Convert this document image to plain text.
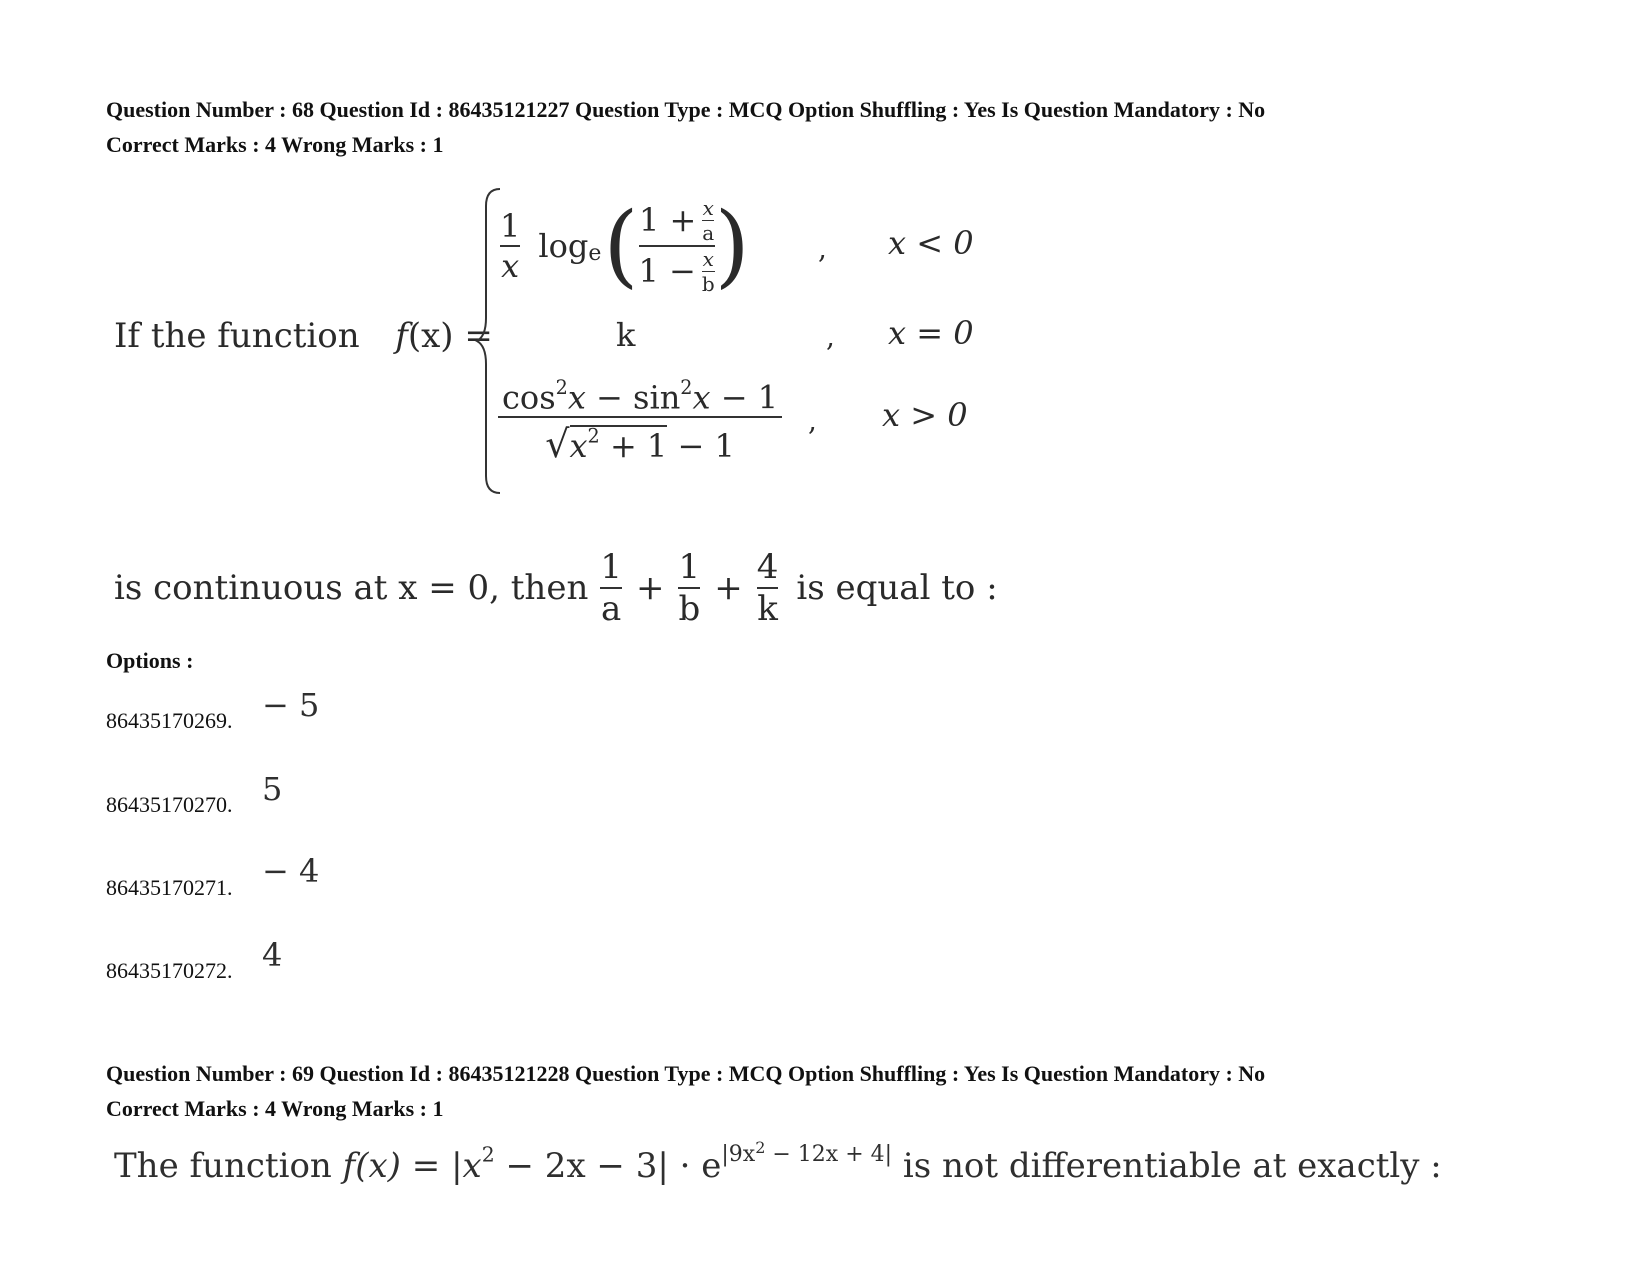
Question Number : 68 Question Id : 86435121227 Question Type : MCQ Option Shuffling : Yes Is Question Mandatory : No
Correct Marks : 4 Wrong Marks : 1
If the function f(x) =
$\frac{1}{x}$ log e ( $\frac{1 + \frac{x}{a}}{1 - \frac{x}{b}}$ ) , x < 0
k	, x = 0
$\frac{\cos^2x - \sin^2x - 1}{√x^2 + 1 - 1}$ , x > 0
is continuous at x = 0, then $\frac{1}{a} + \frac{1}{b} + \frac{4}{k}$ is equal to :
Options :
86435170269. − 5
86435170270. 5
86435170271. − 4
86435170272. 4
Question Number : 69 Question Id : 86435121228 Question Type : MCQ Option Shuffling : Yes Is Question Mandatory : No
Correct Marks : 4 Wrong Marks : 1
The function $f(x) = |x^2 - 2x - 3| \cdot e^{|9x^2 - 12x + 4|}$ is not differentiable at exactly :
